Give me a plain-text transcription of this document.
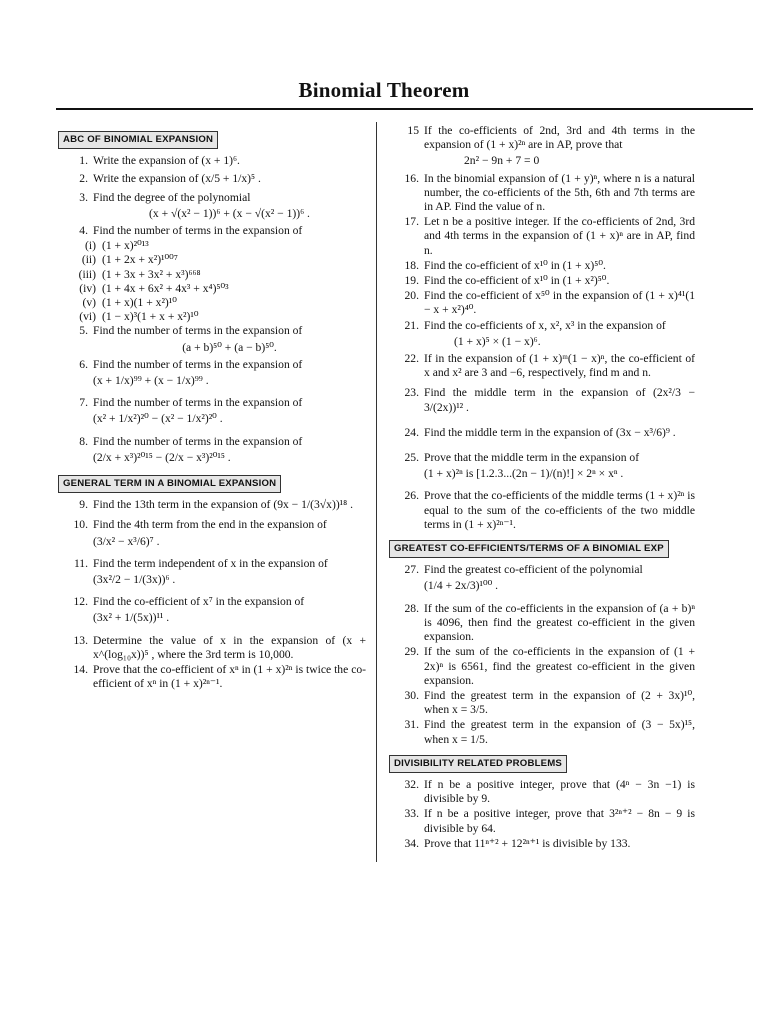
Binomial Theorem
ABC OF BINOMIAL EXPANSION
1. Write the expansion of (x + 1)⁶.
2. Write the expansion of (x/5 + 1/x)⁵ .
3. Find the degree of the polynomial
(x + √(x² − 1))⁶ + (x − √(x² − 1))⁶ .
4. Find the number of terms in the expansion of
(i) (1 + x)²⁰¹³
(ii) (1 + 2x + x²)¹⁰⁰⁷
(iii) (1 + 3x + 3x² + x³)⁶⁶⁸
(iv) (1 + 4x + 6x² + 4x³ + x⁴)⁵⁰³
(v) (1 + x)(1 + x²)¹⁰
(vi) (1 − x)³(1 + x + x²)¹⁰
5. Find the number of terms in the expansion of
(a + b)⁵⁰ + (a − b)⁵⁰.
6. Find the number of terms in the expansion of
(x + 1/x)⁹⁹ + (x − 1/x)⁹⁹ .
7. Find the number of terms in the expansion of
(x² + 1/x²)²⁰ − (x² − 1/x²)²⁰ .
8. Find the number of terms in the expansion of
(2/x + x³)²⁰¹⁵ − (2/x − x³)²⁰¹⁵ .
GENERAL TERM IN A BINOMIAL EXPANSION
9. Find the 13th term in the expansion of (9x − 1/(3√x))¹⁸ .
10. Find the 4th term from the end in the expansion of
(3/x² − x³/6)⁷ .
11. Find the term independent of x in the expansion of
(3x²/2 − 1/(3x))⁶ .
12. Find the co-efficient of x⁷ in the expansion of
(3x² + 1/(5x))¹¹ .
13. Determine the value of x in the expansion of (x + x^(log₁₀x))⁵ , where the 3rd term is 10,000.
14. Prove that the co-efficient of xⁿ in (1 + x)²ⁿ is twice the co-efficient of xⁿ in (1 + x)²ⁿ⁻¹.
15 If the co-efficients of 2nd, 3rd and 4th terms in the expansion of (1 + x)²ⁿ are in AP, prove that
2n² − 9n + 7 = 0
16. In the binomial expansion of (1 + y)ⁿ, where n is a natural number, the co-efficients of the 5th, 6th and 7th terms are in AP. Find the value of n.
17. Let n be a positive integer. If the co-efficients of 2nd, 3rd and 4th terms in the expansion of (1 + x)ⁿ are in AP, find n.
18. Find the co-efficient of x¹⁰ in (1 + x)⁵⁰.
19. Find the co-efficient of x¹⁰ in (1 + x²)⁵⁰.
20. Find the co-efficient of x⁵⁰ in the expansion of (1 + x)⁴¹(1 − x + x²)⁴⁰.
21. Find the co-efficients of x, x², x³ in the expansion of
(1 + x)⁵ × (1 − x)⁶.
22. If in the expansion of (1 + x)ᵐ(1 − x)ⁿ, the co-efficient of x and x² are 3 and −6, respectively, find m and n.
23. Find the middle term in the expansion of (2x²/3 − 3/(2x))¹² .
24. Find the middle term in the expansion of (3x − x³/6)⁹ .
25. Prove that the middle term in the expansion of
(1 + x)²ⁿ is [1.2.3...(2n − 1)/(n)!] × 2ⁿ × xⁿ .
26. Prove that the co-efficients of the middle terms (1 + x)²ⁿ is equal to the sum of the co-efficients of the two middle terms in (1 + x)²ⁿ⁻¹.
GREATEST CO-EFFICIENTS/TERMS OF A BINOMIAL EXP
27. Find the greatest co-efficient of the polynomial
(1/4 + 2x/3)¹⁰⁰ .
28. If the sum of the co-efficients in the expansion of (a + b)ⁿ is 4096, then find the greatest co-efficient in the given expansion.
29. If the sum of the co-efficients in the expansion of (1 + 2x)ⁿ is 6561, find the greatest co-efficient in the given expansion.
30. Find the greatest term in the expansion of (2 + 3x)¹⁰, when x = 3/5.
31. Find the greatest term in the expansion of (3 − 5x)¹⁵, when x = 1/5.
DIVISIBILITY RELATED PROBLEMS
32. If n be a positive integer, prove that (4ⁿ − 3n −1) is divisible by 9.
33. If n be a positive integer, prove that 3²ⁿ⁺² − 8n − 9 is divisible by 64.
34. Prove that 11ⁿ⁺² + 12²ⁿ⁺¹ is divisible by 133.
